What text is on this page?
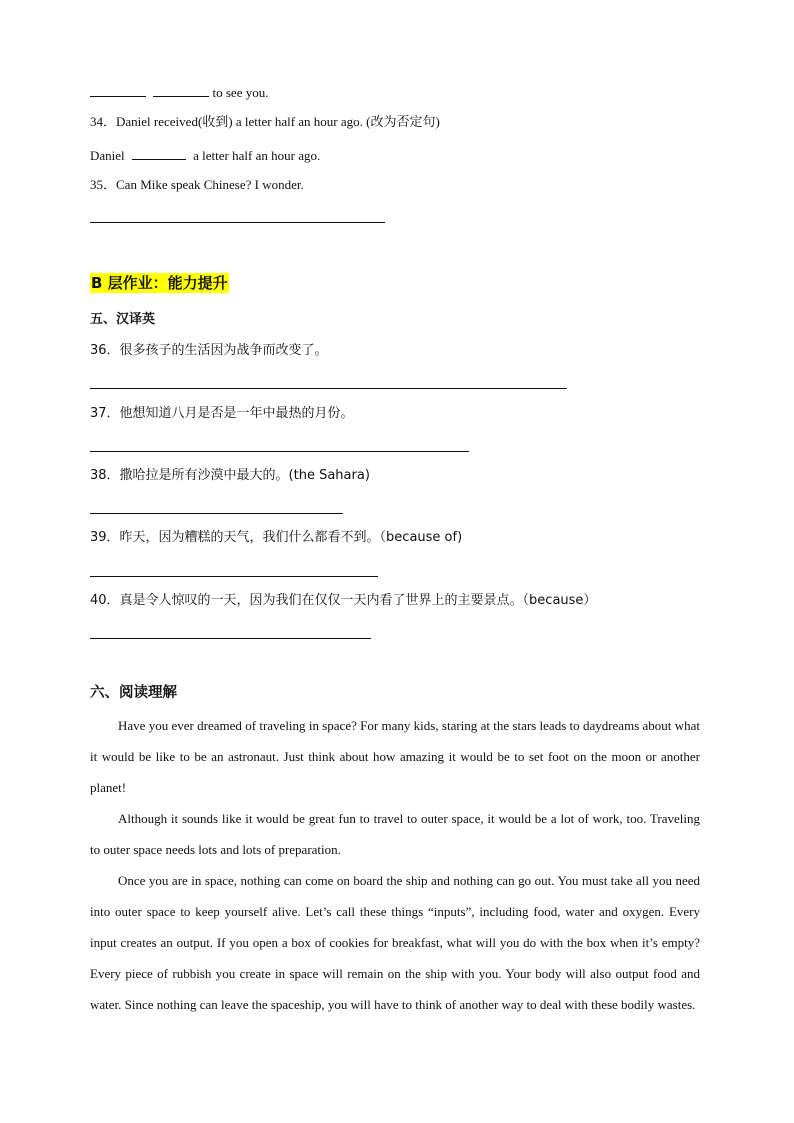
to see you.
34．Daniel received(收到) a letter half an hour ago. (改为否定句)
Daniel	a letter half an hour ago.
35．Can Mike speak Chinese? I wonder.
B 层作业：能力提升
五、汉译英
36．很多孩子的生活因为战争而改变了。
37．他想知道八月是否是一年中最热的月份。
38．撒哈拉是所有沙漠中最大的。(the Sahara)
39．昨天，因为糟糕的天气，我们什么都看不到。（because of)
40．真是令人惊叹的一天，因为我们在仅仅一天内看了世界上的主要景点。（because）
六、阅读理解

Have you ever dreamed of traveling in space? For many kids, staring at the stars leads to daydreams about what it would be like to be an astronaut. Just think about how amazing it would be to set foot on the moon or another planet!

Although it sounds like it would be great fun to travel to outer space, it would be a lot of work, too. Traveling to outer space needs lots and lots of preparation.

Once you are in space, nothing can come on board the ship and nothing can go out. You must take all you need into outer space to keep yourself alive. Let’s call these things “inputs”, including food, water and oxygen. Every input creates an output. If you open a box of cookies for breakfast, what will you do with the box when it’s empty? Every piece of rubbish you create in space will remain on the ship with you. Your body will also output food and water. Since nothing can leave the spaceship, you will have to think of another way to deal with these bodily wastes.
